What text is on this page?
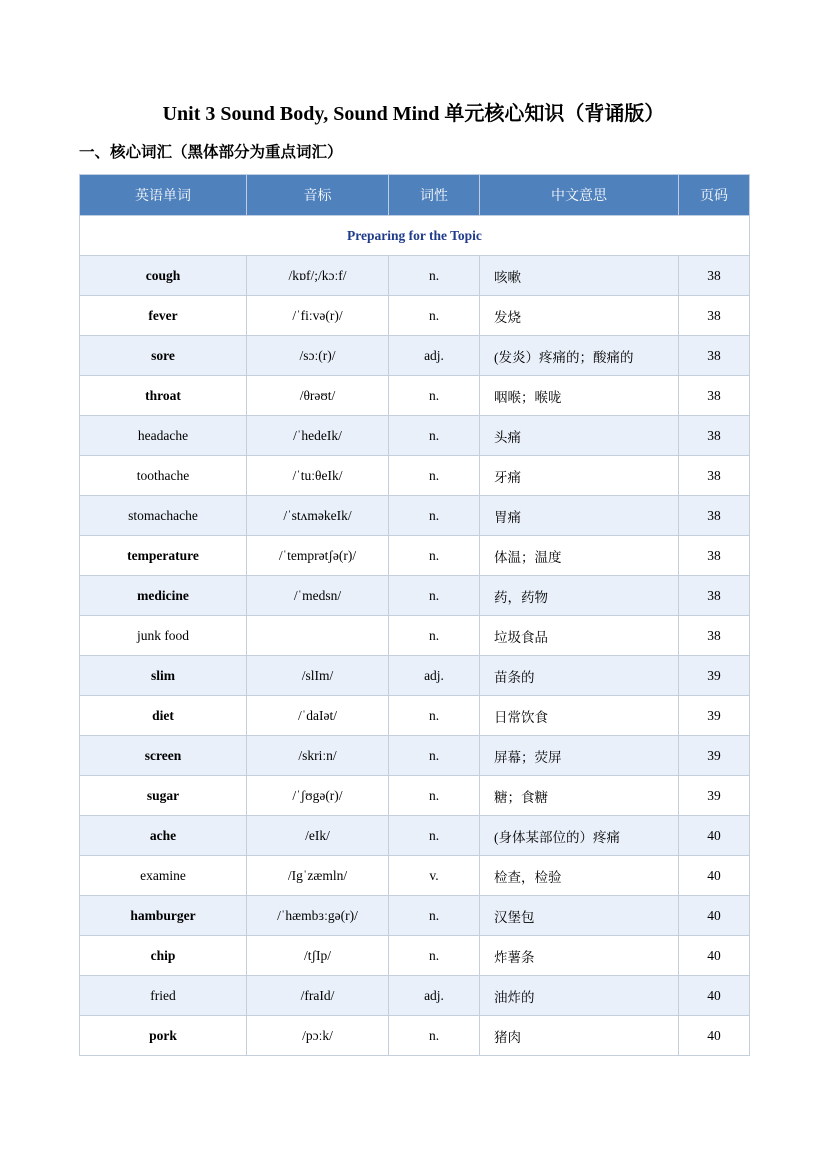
Unit 3 Sound Body, Sound Mind 单元核心知识（背诵版）
一、核心词汇（黑体部分为重点词汇）
英语单词	音标	词性	中文意思	页码
Preparing for the Topic				
cough	/kɒf/;/kɔːf/	n.	咳嗽	38
fever	/ˈfiːvə(r)/	n.	发烧	38
sore	/sɔː(r)/	adj.	(发炎）疼痛的；酸痛的	38
throat	/θrəʊt/	n.	咽喉；喉咙	38
headache	/ˈhedeIk/	n.	头痛	38
toothache	/ˈtuːθeIk/	n.	牙痛	38
stomachache	/ˈstʌməkeIk/	n.	胃痛	38
temperature	/ˈtemprətʃə(r)/	n.	体温；温度	38
medicine	/ˈmedsn/	n.	药，药物	38
junk food		n.	垃圾食品	38
slim	/slIm/	adj.	苗条的	39
diet	/ˈdaIət/	n.	日常饮食	39
screen	/skriːn/	n.	屏幕；荧屏	39
sugar	/ˈʃʊgə(r)/	n.	糖；食糖	39
ache	/eIk/	n.	(身体某部位的）疼痛	40
examine	/Igˈzæmln/	v.	检查，检验	40
hamburger	/ˈhæmbɜːgə(r)/	n.	汉堡包	40
chip	/tʃIp/	n.	炸薯条	40
fried	/fraId/	adj.	油炸的	40
pork	/pɔːk/	n.	猪肉	40
